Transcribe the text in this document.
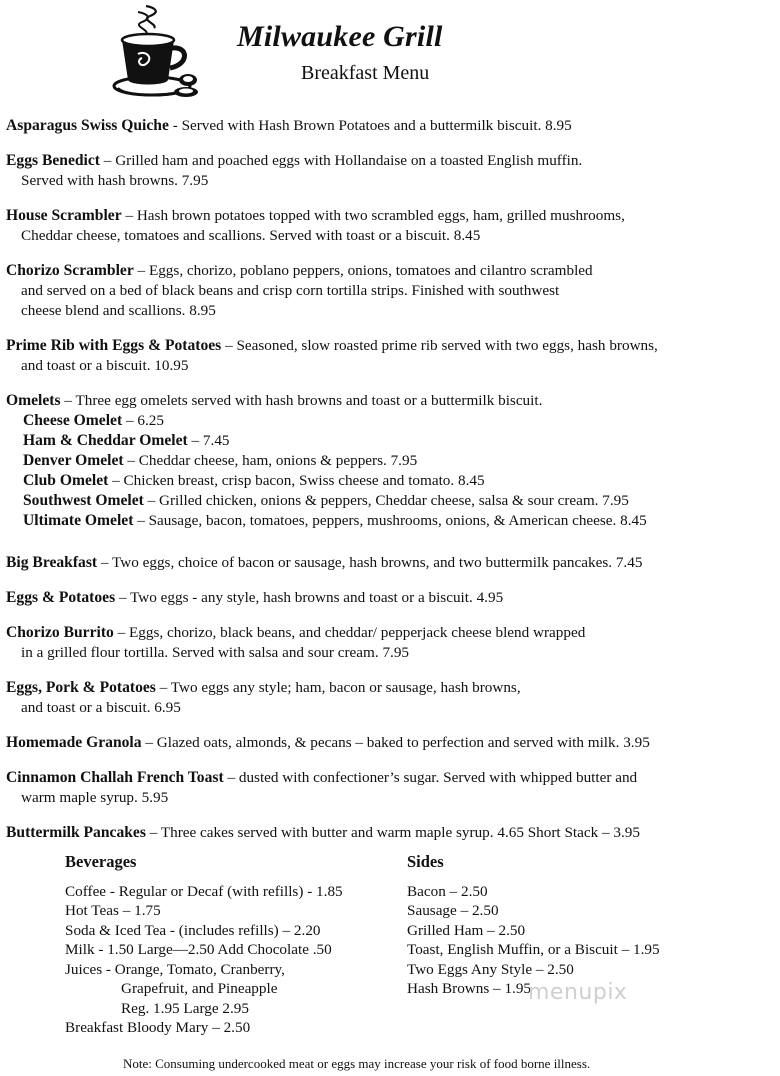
Milwaukee Grill
Breakfast Menu
Asparagus Swiss Quiche - Served with Hash Brown Potatoes and a buttermilk biscuit. 8.95
Eggs Benedict – Grilled ham and poached eggs with Hollandaise on a toasted English muffin.
Served with hash browns. 7.95
House Scrambler – Hash brown potatoes topped with two scrambled eggs, ham, grilled mushrooms,
Cheddar cheese, tomatoes and scallions. Served with toast or a biscuit. 8.45
Chorizo Scrambler – Eggs, chorizo, poblano peppers, onions, tomatoes and cilantro scrambled
and served on a bed of black beans and crisp corn tortilla strips. Finished with southwest
cheese blend and scallions. 8.95
Prime Rib with Eggs & Potatoes – Seasoned, slow roasted prime rib served with two eggs, hash browns,
and toast or a biscuit. 10.95
Omelets – Three egg omelets served with hash browns and toast or a buttermilk biscuit.
Cheese Omelet – 6.25
Ham & Cheddar Omelet – 7.45
Denver Omelet – Cheddar cheese, ham, onions & peppers. 7.95
Club Omelet – Chicken breast, crisp bacon, Swiss cheese and tomato. 8.45
Southwest Omelet – Grilled chicken, onions & peppers, Cheddar cheese, salsa & sour cream. 7.95
Ultimate Omelet – Sausage, bacon, tomatoes, peppers, mushrooms, onions, & American cheese. 8.45
Big Breakfast – Two eggs, choice of bacon or sausage, hash browns, and two buttermilk pancakes. 7.45
Eggs & Potatoes – Two eggs - any style, hash browns and toast or a biscuit. 4.95
Chorizo Burrito – Eggs, chorizo, black beans, and cheddar/ pepperjack cheese blend wrapped
in a grilled flour tortilla. Served with salsa and sour cream. 7.95
Eggs, Pork & Potatoes – Two eggs any style; ham, bacon or sausage, hash browns,
and toast or a biscuit. 6.95
Homemade Granola – Glazed oats, almonds, & pecans – baked to perfection and served with milk. 3.95
Cinnamon Challah French Toast – dusted with confectioner’s sugar. Served with whipped butter and
warm maple syrup. 5.95
Buttermilk Pancakes – Three cakes served with butter and warm maple syrup. 4.65 Short Stack – 3.95
Beverages
Coffee - Regular or Decaf (with refills) - 1.85
Hot Teas – 1.75
Soda & Iced Tea - (includes refills) – 2.20
Milk - 1.50 Large—2.50 Add Chocolate .50
Juices - Orange, Tomato, Cranberry,
Grapefruit, and Pineapple
Reg. 1.95 Large 2.95
Breakfast Bloody Mary – 2.50
Sides
Bacon – 2.50
Sausage – 2.50
Grilled Ham – 2.50
Toast, English Muffin, or a Biscuit – 1.95
Two Eggs Any Style – 2.50
Hash Browns – 1.95
menupix
Note: Consuming undercooked meat or eggs may increase your risk of food borne illness.
